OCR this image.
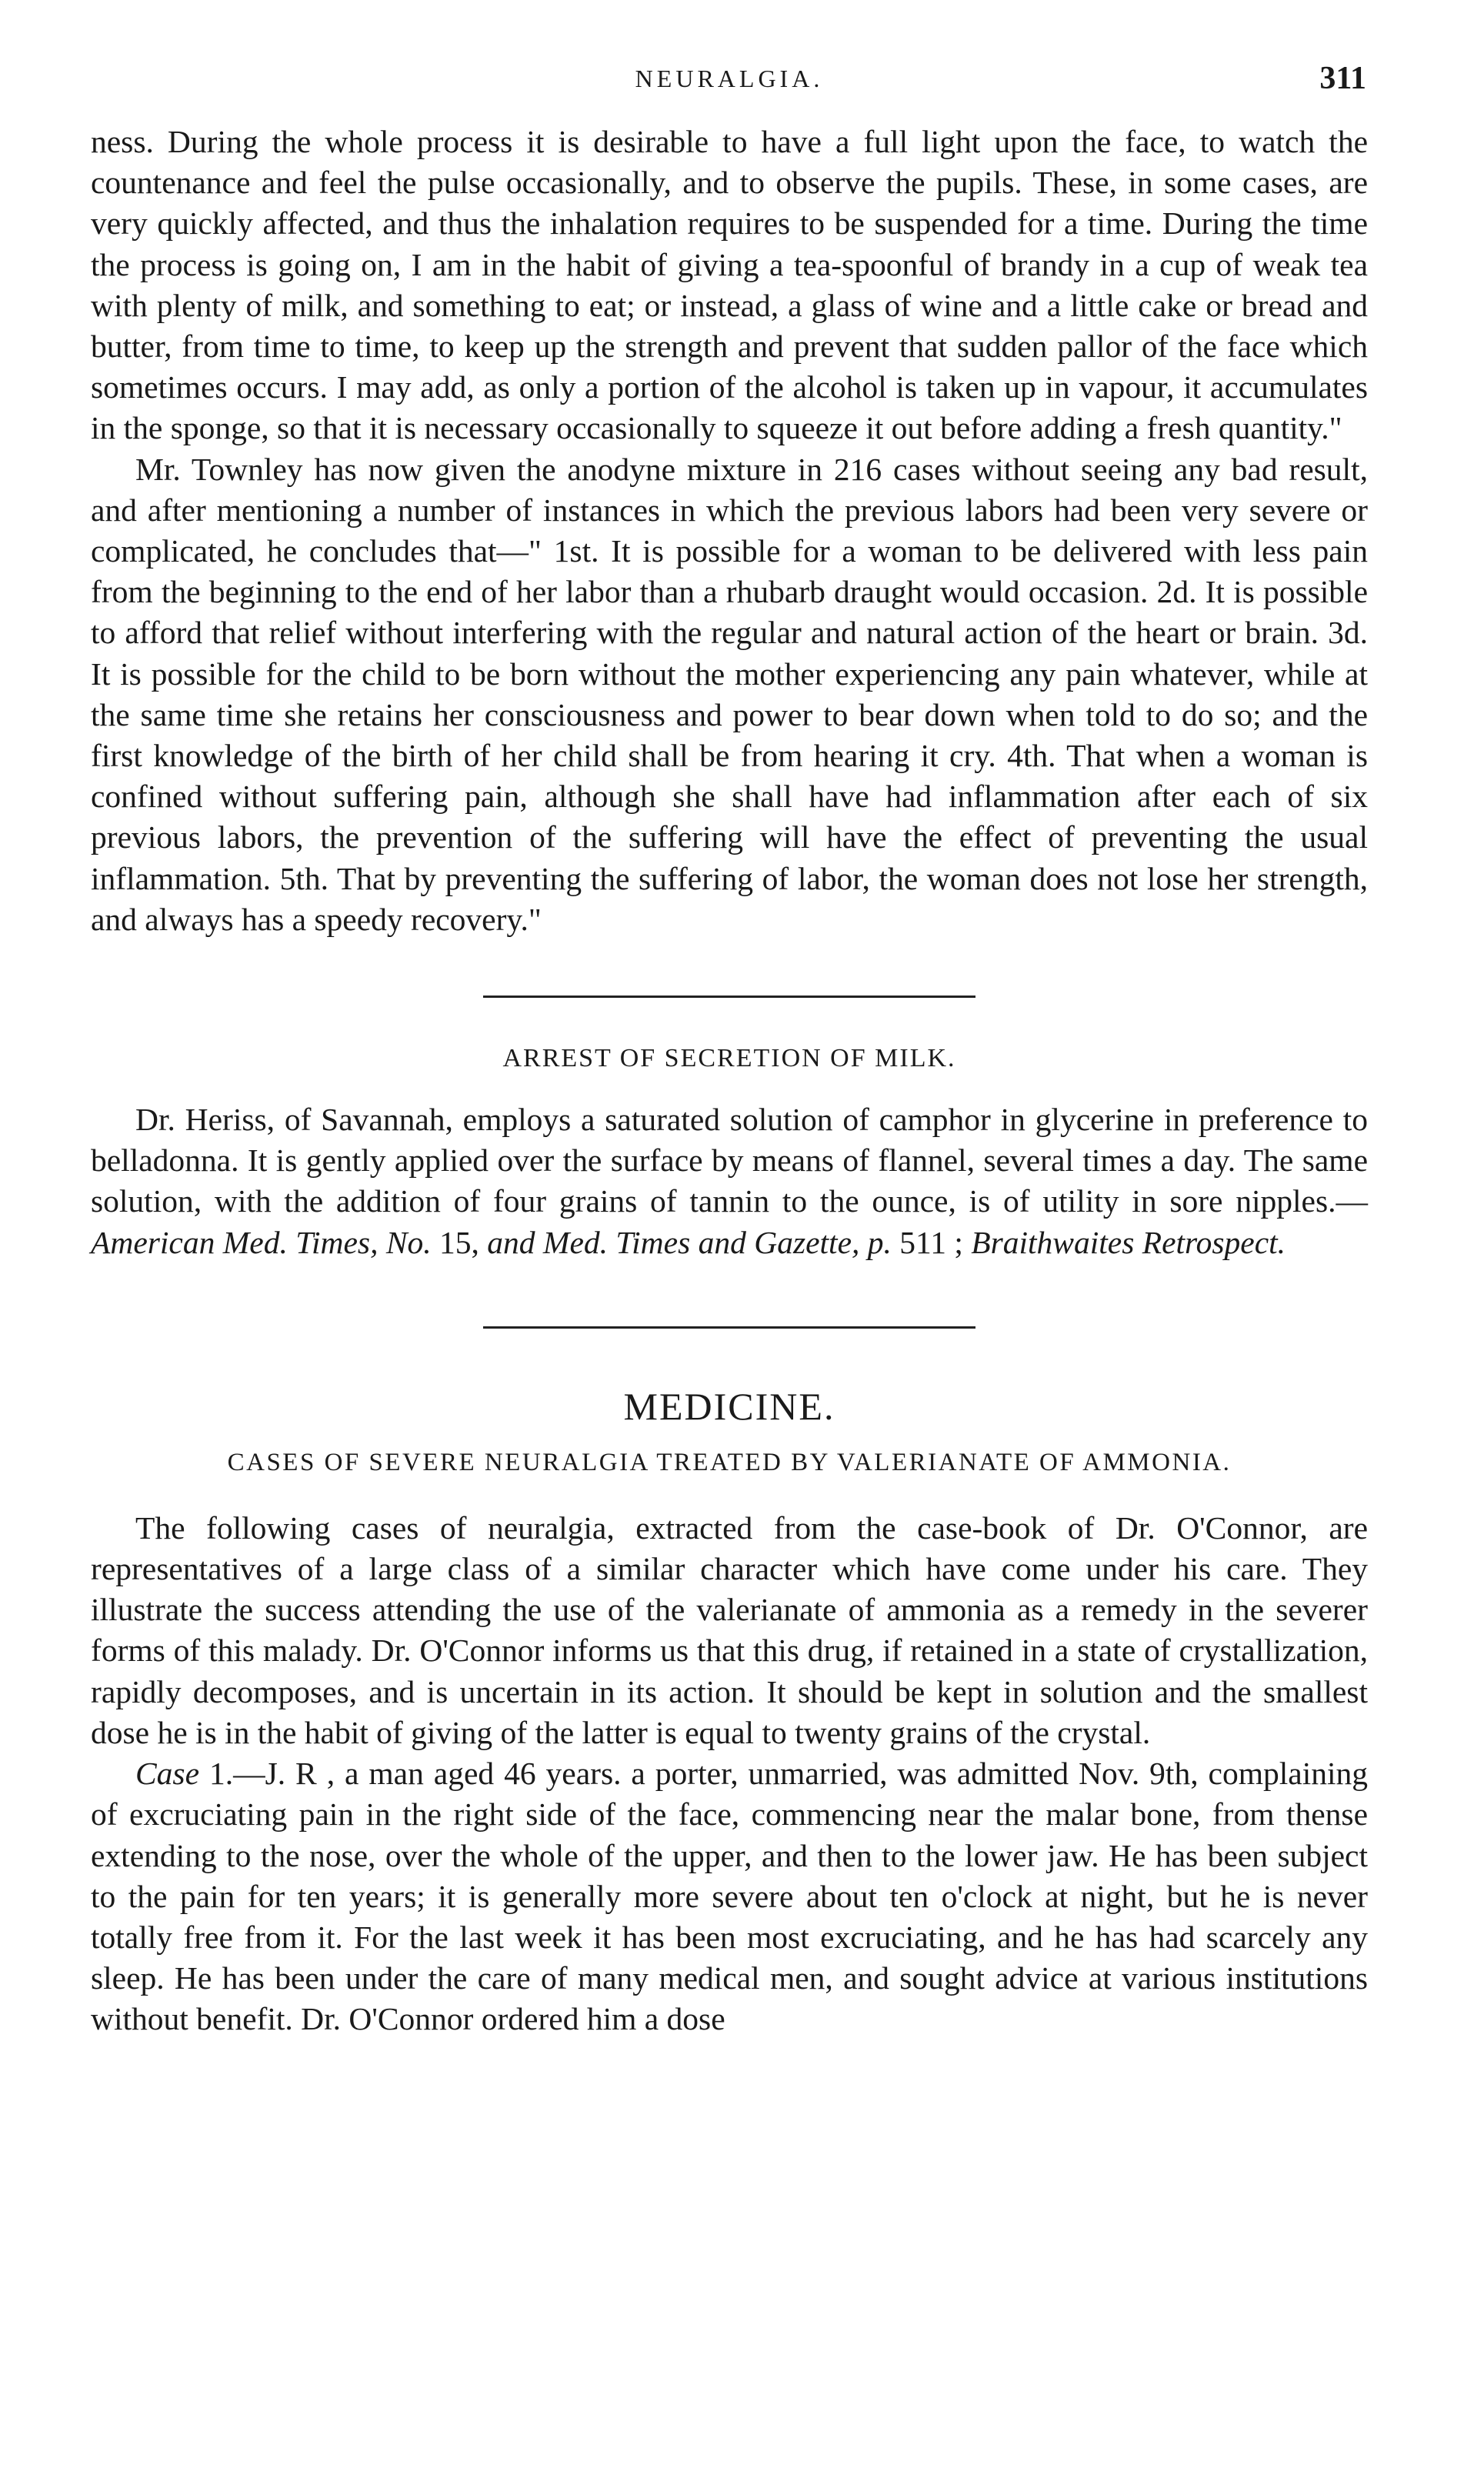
NEURALGIA.	311

ness. During the whole process it is desirable to have a full light upon the face, to watch the countenance and feel the pulse occasionally, and to observe the pupils. These, in some cases, are very quickly affected, and thus the inhalation requires to be suspended for a time. During the time the process is going on, I am in the habit of giving a tea-spoonful of brandy in a cup of weak tea with plenty of milk, and something to eat; or instead, a glass of wine and a little cake or bread and butter, from time to time, to keep up the strength and prevent that sudden pallor of the face which sometimes occurs. I may add, as only a portion of the alcohol is taken up in vapour, it accumulates in the sponge, so that it is necessary occasionally to squeeze it out before adding a fresh quantity."

Mr. Townley has now given the anodyne mixture in 216 cases without seeing any bad result, and after mentioning a number of instances in which the previous labors had been very severe or complicated, he concludes that—" 1st. It is possible for a woman to be delivered with less pain from the beginning to the end of her labor than a rhubarb draught would occasion. 2d. It is possible to afford that relief without interfering with the regular and natural action of the heart or brain. 3d. It is possible for the child to be born without the mother experiencing any pain whatever, while at the same time she retains her consciousness and power to bear down when told to do so; and the first knowledge of the birth of her child shall be from hearing it cry. 4th. That when a woman is confined without suffering pain, although she shall have had inflammation after each of six previous labors, the prevention of the suffering will have the effect of preventing the usual inflammation. 5th. That by preventing the suffering of labor, the woman does not lose her strength, and always has a speedy recovery."

ARREST OF SECRETION OF MILK.

Dr. Heriss, of Savannah, employs a saturated solution of camphor in glycerine in preference to belladonna. It is gently applied over the surface by means of flannel, several times a day. The same solution, with the addition of four grains of tannin to the ounce, is of utility in sore nipples.—American Med. Times, No. 15, and Med. Times and Gazette, p. 511 ; Braithwaites Retrospect.

MEDICINE.
CASES OF SEVERE NEURALGIA TREATED BY VALERIANATE OF AMMONIA.

The following cases of neuralgia, extracted from the case-book of Dr. O'Connor, are representatives of a large class of a similar character which have come under his care. They illustrate the success attending the use of the valerianate of ammonia as a remedy in the severer forms of this malady. Dr. O'Connor informs us that this drug, if retained in a state of crystallization, rapidly decomposes, and is uncertain in its action. It should be kept in solution and the smallest dose he is in the habit of giving of the latter is equal to twenty grains of the crystal.

Case 1.—J. R , a man aged 46 years. a porter, unmarried, was admitted Nov. 9th, complaining of excruciating pain in the right side of the face, commencing near the malar bone, from thense extending to the nose, over the whole of the upper, and then to the lower jaw. He has been subject to the pain for ten years; it is generally more severe about ten o'clock at night, but he is never totally free from it. For the last week it has been most excruciating, and he has had scarcely any sleep. He has been under the care of many medical men, and sought advice at various institutions without benefit. Dr. O'Connor ordered him a dose
